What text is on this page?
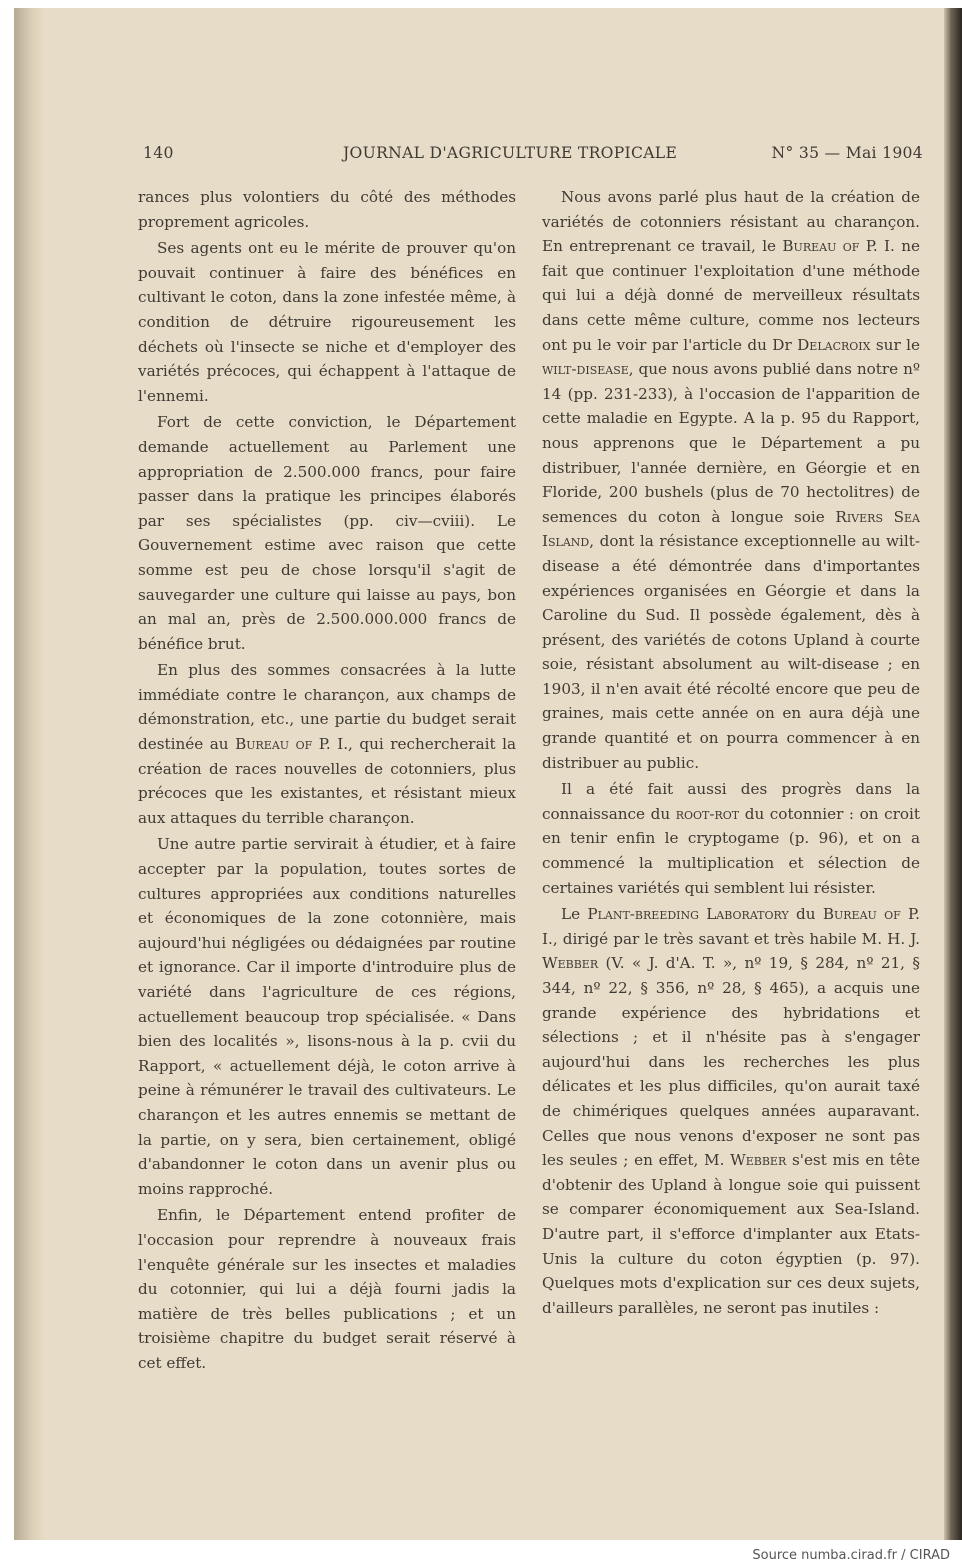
140	JOURNAL D'AGRICULTURE TROPICALE	N° 35 — Mai 1904

rances plus volontiers du côté des méthodes proprement agricoles.

Ses agents ont eu le mérite de prouver qu'on pouvait continuer à faire des bénéfices en cultivant le coton, dans la zone infestée même, à condition de détruire rigoureusement les déchets où l'insecte se niche et d'employer des variétés précoces, qui échappent à l'attaque de l'ennemi.

Fort de cette conviction, le Département demande actuellement au Parlement une appropriation de 2.500.000 francs, pour faire passer dans la pratique les principes élaborés par ses spécialistes (pp. civ—cviii). Le Gouvernement estime avec raison que cette somme est peu de chose lorsqu'il s'agit de sauvegarder une culture qui laisse au pays, bon an mal an, près de 2.500.000.000 francs de bénéfice brut.

En plus des sommes consacrées à la lutte immédiate contre le charançon, aux champs de démonstration, etc., une partie du budget serait destinée au Bureau of P. I., qui rechercherait la création de races nouvelles de cotonniers, plus précoces que les existantes, et résistant mieux aux attaques du terrible charançon.

Une autre partie servirait à étudier, et à faire accepter par la population, toutes sortes de cultures appropriées aux conditions naturelles et économiques de la zone cotonnière, mais aujourd'hui négligées ou dédaignées par routine et ignorance. Car il importe d'introduire plus de variété dans l'agriculture de ces régions, actuellement beaucoup trop spécialisée. « Dans bien des localités », lisons-nous à la p. cvii du Rapport, « actuellement déjà, le coton arrive à peine à rémunérer le travail des cultivateurs. Le charançon et les autres ennemis se mettant de la partie, on y sera, bien certainement, obligé d'abandonner le coton dans un avenir plus ou moins rapproché.

Enfin, le Département entend profiter de l'occasion pour reprendre à nouveaux frais l'enquête générale sur les insectes et maladies du cotonnier, qui lui a déjà fourni jadis la matière de très belles publications ; et un troisième chapitre du budget serait réservé à cet effet.

Nous avons parlé plus haut de la création de variétés de cotonniers résistant au charançon. En entreprenant ce travail, le Bureau of P. I. ne fait que continuer l'exploitation d'une méthode qui lui a déjà donné de merveilleux résultats dans cette même culture, comme nos lecteurs ont pu le voir par l'article du Dr Delacroix sur le wilt-disease, que nous avons publié dans notre nº 14 (pp. 231-233), à l'occasion de l'apparition de cette maladie en Egypte. A la p. 95 du Rapport, nous apprenons que le Département a pu distribuer, l'année dernière, en Géorgie et en Floride, 200 bushels (plus de 70 hectolitres) de semences du coton à longue soie Rivers Sea Island, dont la résistance exceptionnelle au wilt-disease a été démontrée dans d'importantes expériences organisées en Géorgie et dans la Caroline du Sud. Il possède également, dès à présent, des variétés de cotons Upland à courte soie, résistant absolument au wilt-disease ; en 1903, il n'en avait été récolté encore que peu de graines, mais cette année on en aura déjà une grande quantité et on pourra commencer à en distribuer au public.

Il a été fait aussi des progrès dans la connaissance du root-rot du cotonnier : on croit en tenir enfin le cryptogame (p. 96), et on a commencé la multiplication et sélection de certaines variétés qui semblent lui résister.

Le Plant-breeding Laboratory du Bureau of P. I., dirigé par le très savant et très habile M. H. J. Webber (V. « J. d'A. T. », nº 19, § 284, nº 21, § 344, nº 22, § 356, nº 28, § 465), a acquis une grande expérience des hybridations et sélections ; et il n'hésite pas à s'engager aujourd'hui dans les recherches les plus délicates et les plus difficiles, qu'on aurait taxé de chimériques quelques années auparavant. Celles que nous venons d'exposer ne sont pas les seules ; en effet, M. Webber s'est mis en tête d'obtenir des Upland à longue soie qui puissent se comparer économiquement aux Sea-Island. D'autre part, il s'efforce d'implanter aux Etats-Unis la culture du coton égyptien (p. 97). Quelques mots d'explication sur ces deux sujets, d'ailleurs parallèles, ne seront pas inutiles :

Source numba.cirad.fr / CIRAD
